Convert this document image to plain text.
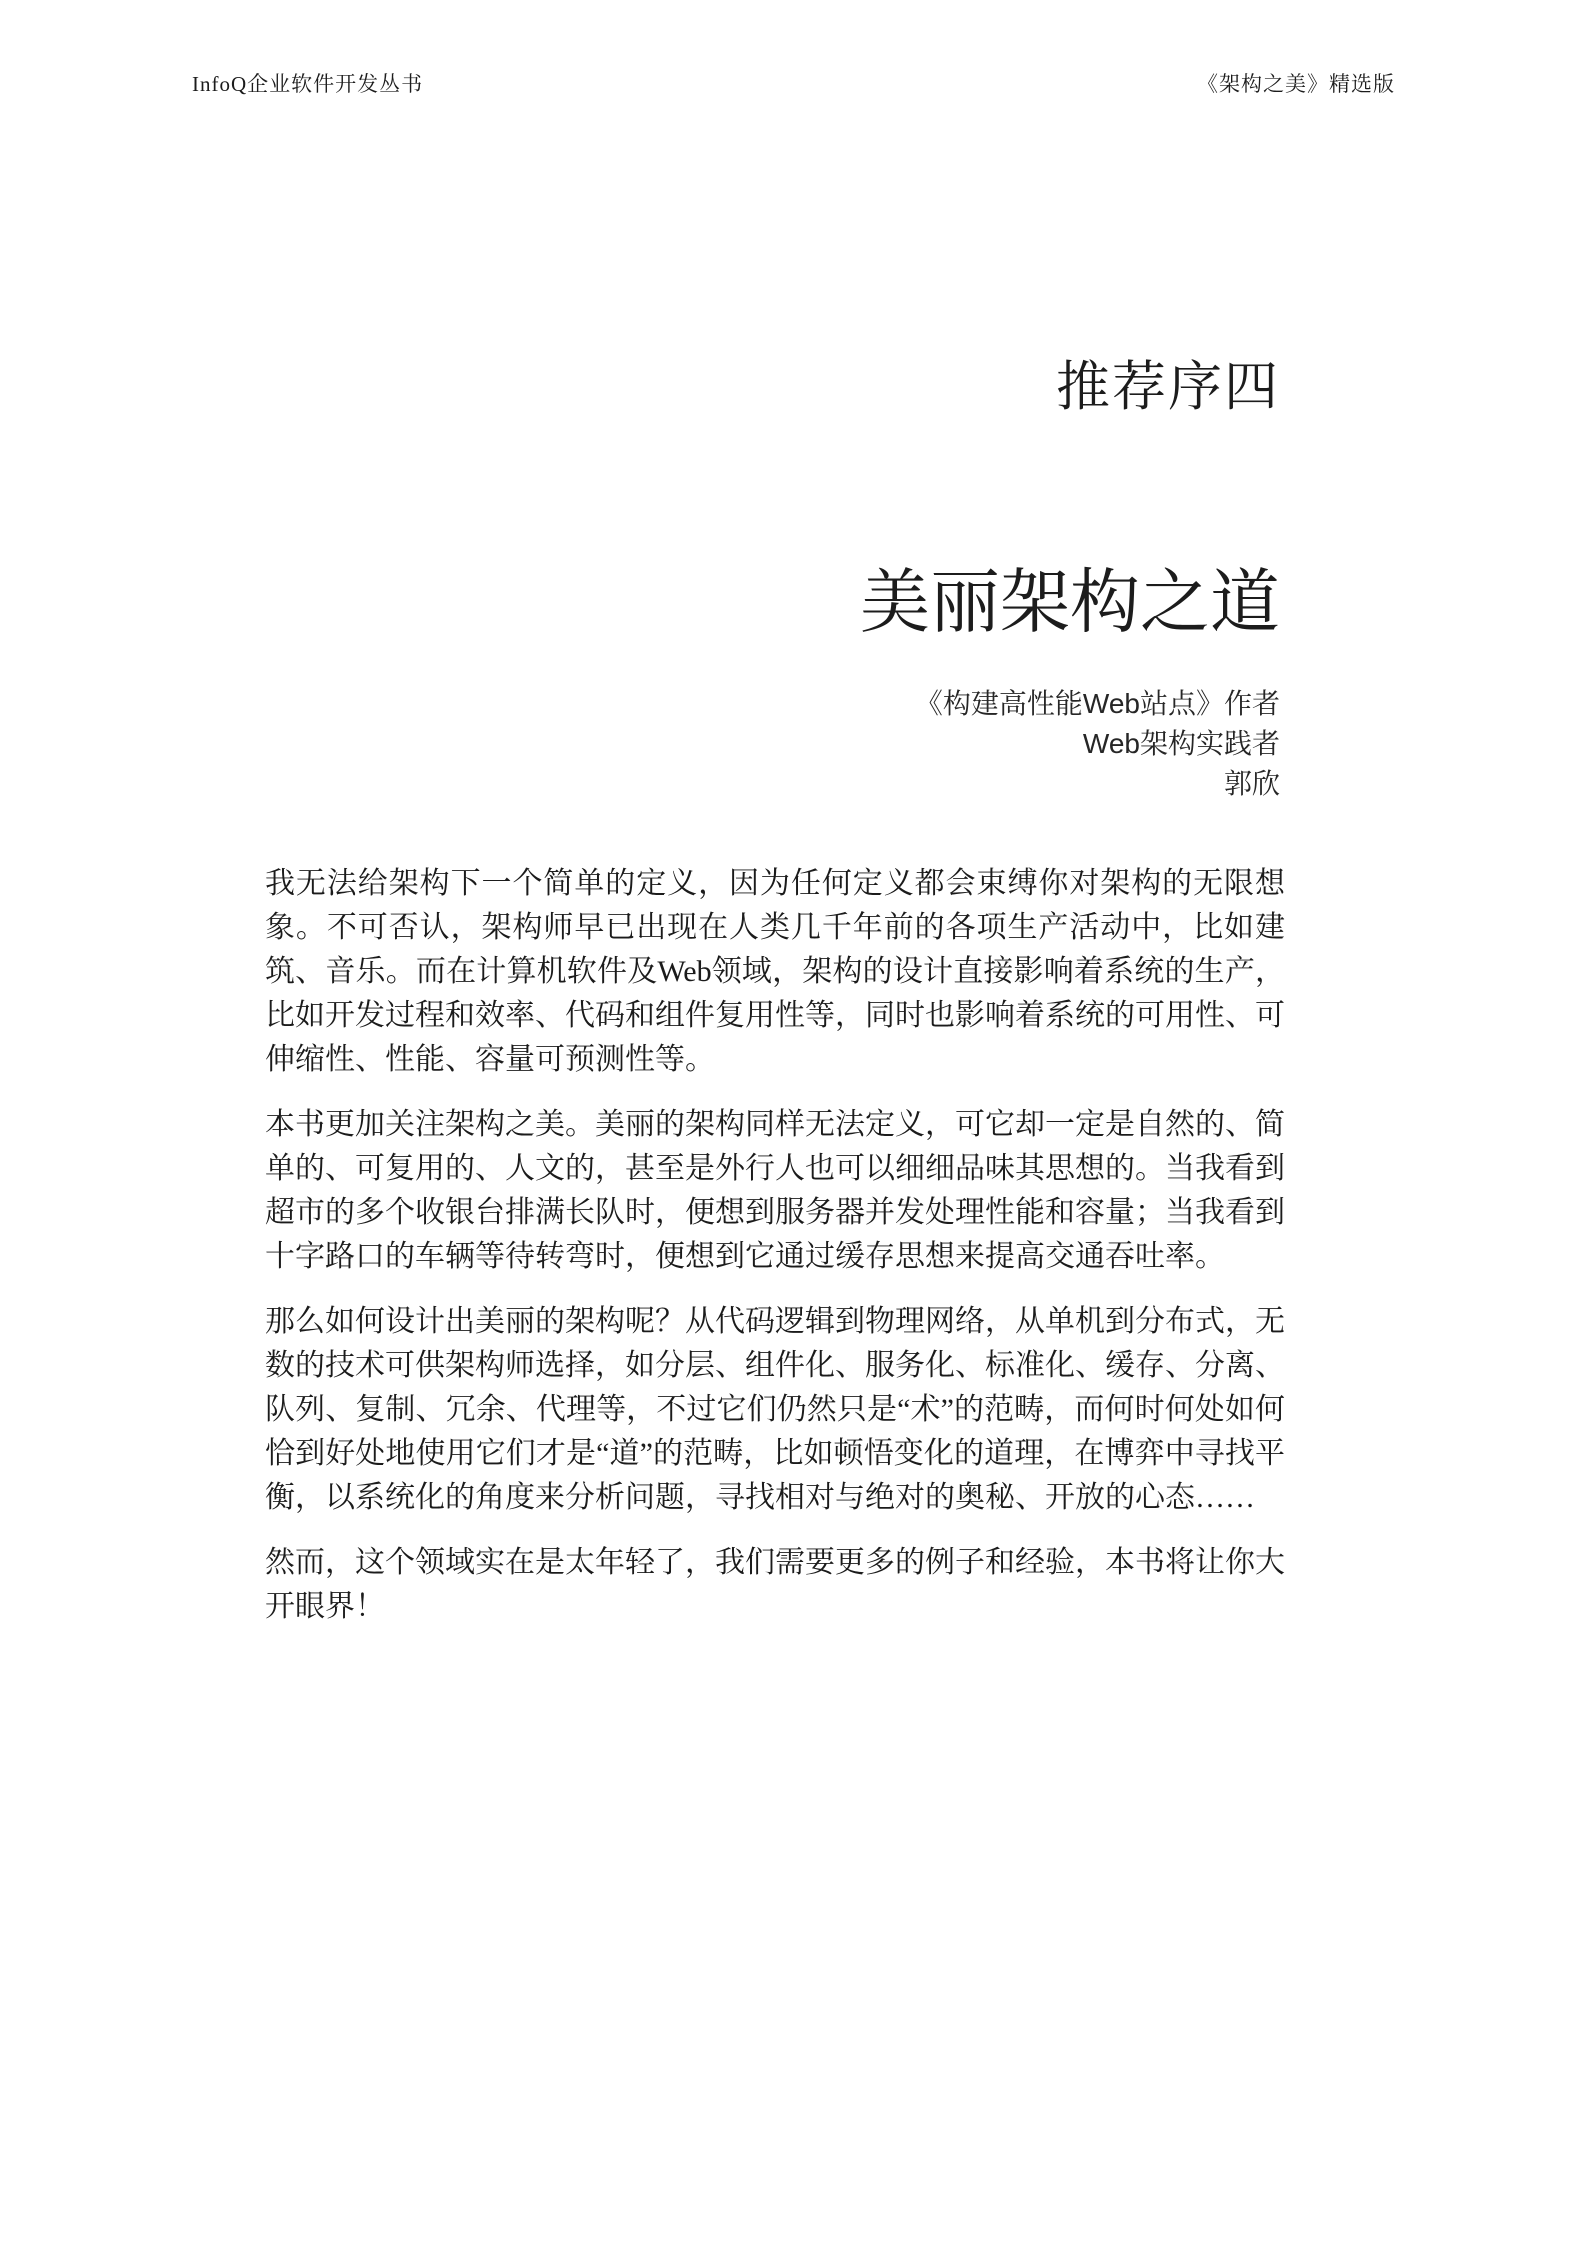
InfoQ企业软件开发丛书	《架构之美》精选版
推荐序四
美丽架构之道
《构建高性能Web站点》作者
Web架构实践者
郭欣

我无法给架构下一个简单的定义，因为任何定义都会束缚你对架构的无限想象。不可否认，架构师早已出现在人类几千年前的各项生产活动中，比如建筑、音乐。而在计算机软件及Web领域，架构的设计直接影响着系统的生产，比如开发过程和效率、代码和组件复用性等，同时也影响着系统的可用性、可伸缩性、性能、容量可预测性等。

本书更加关注架构之美。美丽的架构同样无法定义，可它却一定是自然的、简单的、可复用的、人文的，甚至是外行人也可以细细品味其思想的。当我看到超市的多个收银台排满长队时，便想到服务器并发处理性能和容量；当我看到十字路口的车辆等待转弯时，便想到它通过缓存思想来提高交通吞吐率。

那么如何设计出美丽的架构呢？从代码逻辑到物理网络，从单机到分布式，无数的技术可供架构师选择，如分层、组件化、服务化、标准化、缓存、分离、队列、复制、冗余、代理等，不过它们仍然只是“术”的范畴，而何时何处如何恰到好处地使用它们才是“道”的范畴，比如顿悟变化的道理，在博弈中寻找平衡，以系统化的角度来分析问题，寻找相对与绝对的奥秘、开放的心态……

然而，这个领域实在是太年轻了，我们需要更多的例子和经验，本书将让你大开眼界！
